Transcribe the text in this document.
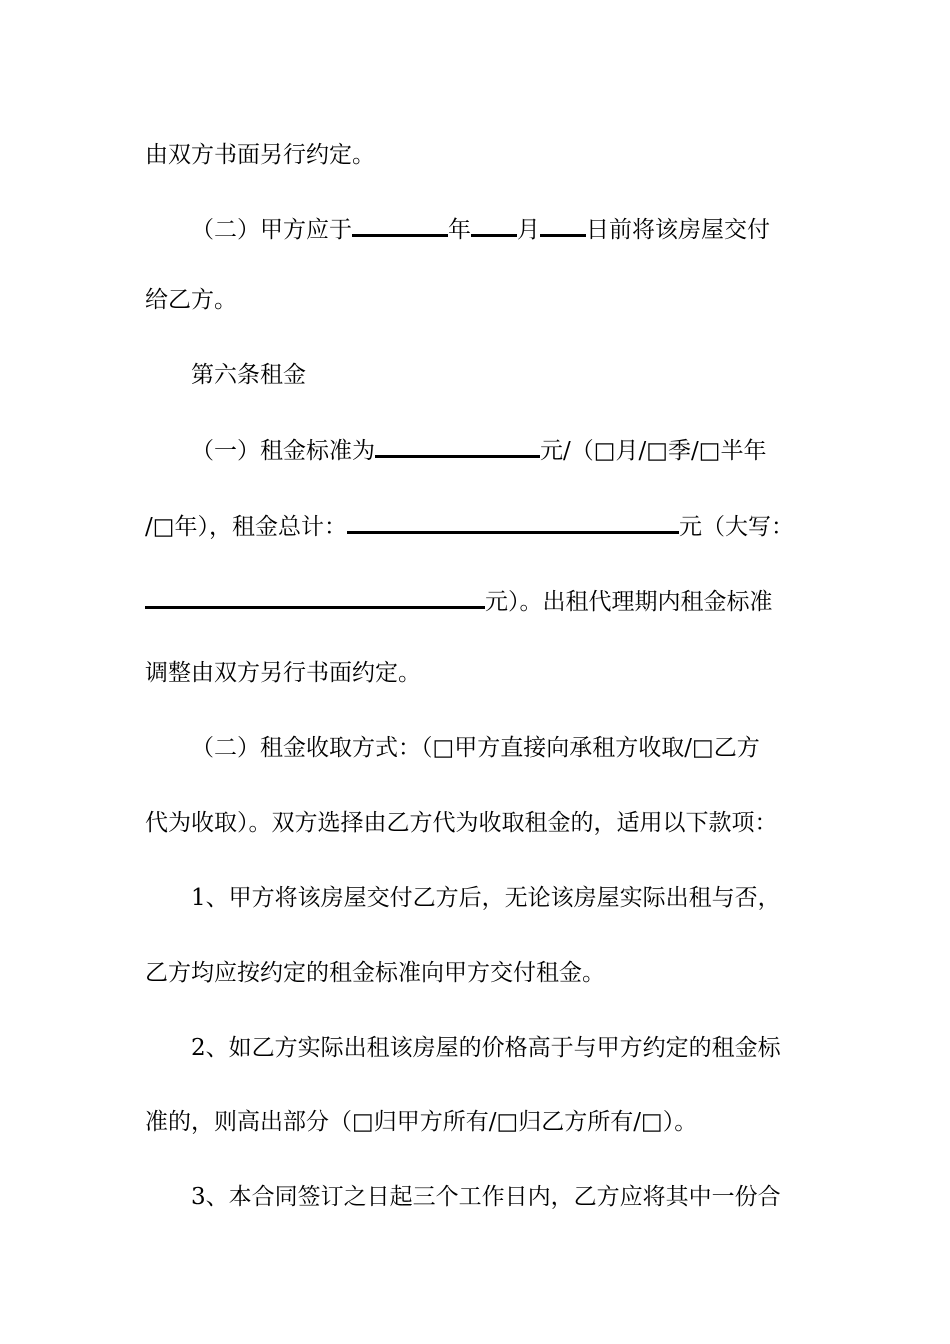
由双方书面另行约定。
（二）甲方应于	年 月 日前将该房屋交付
给乙方。
第六条租金
（一）租金标准为	元/（□月/□季/□半年
/□年），租金总计：	元（大写：
元）。出租代理期内租金标准
调整由双方另行书面约定。
（二）租金收取方式：（□甲方直接向承租方收取/□乙方
代为收取）。双方选择由乙方代为收取租金的，适用以下款项：
1、甲方将该房屋交付乙方后，无论该房屋实际出租与否，
乙方均应按约定的租金标准向甲方交付租金。
2、如乙方实际出租该房屋的价格高于与甲方约定的租金标
准的，则高出部分（□归甲方所有/□归乙方所有/□）。
3、本合同签订之日起三个工作日内，乙方应将其中一份合
